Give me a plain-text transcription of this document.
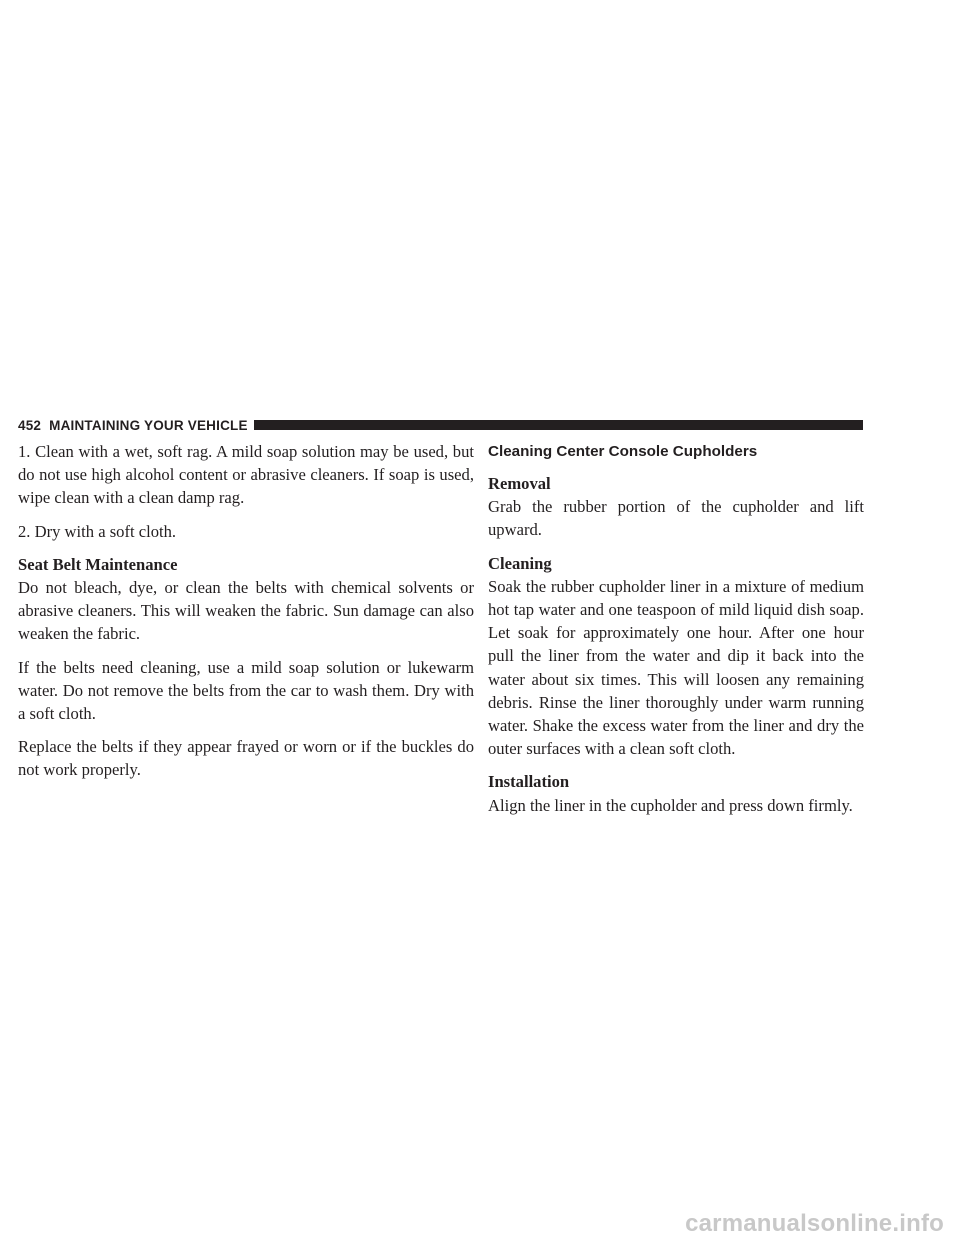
452 MAINTAINING YOUR VEHICLE

1. Clean with a wet, soft rag. A mild soap solution may be used, but do not use high alcohol content or abrasive cleaners. If soap is used, wipe clean with a clean damp rag.

2. Dry with a soft cloth.

Seat Belt Maintenance

Do not bleach, dye, or clean the belts with chemical solvents or abrasive cleaners. This will weaken the fabric. Sun damage can also weaken the fabric.

If the belts need cleaning, use a mild soap solution or lukewarm water. Do not remove the belts from the car to wash them. Dry with a soft cloth.

Replace the belts if they appear frayed or worn or if the buckles do not work properly.

Cleaning Center Console Cupholders

Removal

Grab the rubber portion of the cupholder and lift upward.

Cleaning

Soak the rubber cupholder liner in a mixture of medium hot tap water and one teaspoon of mild liquid dish soap. Let soak for approximately one hour. After one hour pull the liner from the water and dip it back into the water about six times. This will loosen any remaining debris. Rinse the liner thoroughly under warm running water. Shake the excess water from the liner and dry the outer surfaces with a clean soft cloth.

Installation

Align the liner in the cupholder and press down firmly.

carmanualsonline.info
